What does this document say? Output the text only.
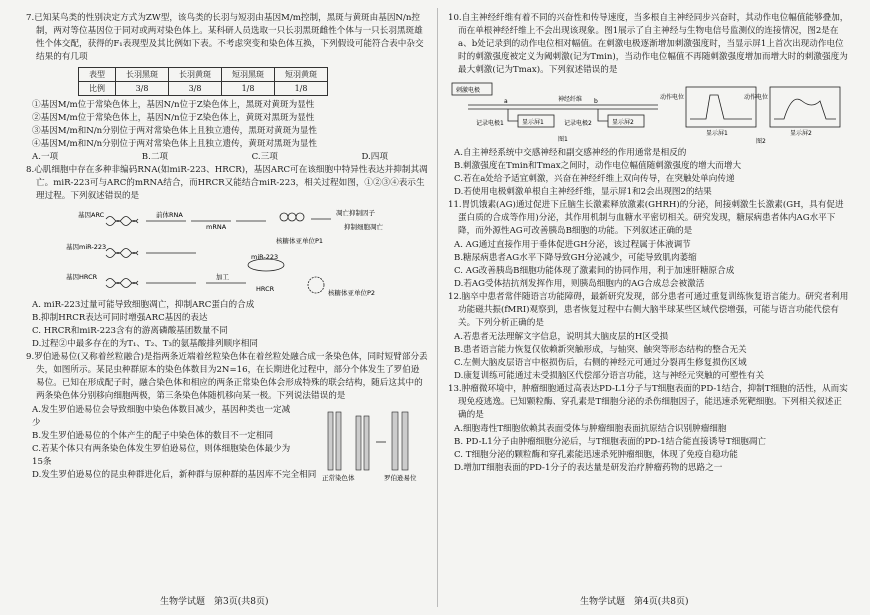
7.已知某鸟类的性别决定方式为ZW型，该鸟类的长羽与短羽由基因M/m控制，黑斑与黄斑由基因N/n控制，两对等位基因位于同对或两对染色体上。某科研人员选取一只长羽黑斑雌性个体与一只长羽黑斑雄性个体交配，获得的F₁表现型及其比例如下表。不考虑突变和染色体互换，下列假设可能符合表中杂交结果的有几项

表型	长羽黑斑	长羽黄斑	短羽黑斑	短羽黄斑
比例	3/8	3/8	1/8	1/8

①基因M/m位于常染色体上，基因N/n位于Z染色体上，黑斑对黄斑为显性

②基因M/m位于常染色体上，基因N/n位于Z染色体上，黄斑对黑斑为显性

③基因M/m和N/n分别位于两对常染色体上且独立遗传，黑斑对黄斑为显性

④基因M/m和N/n分别位于两对常染色体上且独立遗传，黄斑对黑斑为显性

A.一项	B.二项	C.三项	D.四项

8.心肌细胞中存在多种非编码RNA(如miR-223、HRCR)，基因ARC可在该细胞中特异性表达并抑制其凋亡。miR-223可与ARC的mRNA结合，而HRCR又能结合miR-223，相关过程如图，①②③④表示生理过程。下列叙述错误的是

基因ARC	前体RNA
mRNA
凋亡抑制因子
抑制细胞凋亡
核糖体亚单位P1
基因miR-223
miR-223
基因HRCR	加工
HRCR	核糖体亚单位P2

A. miR-223过量可能导致细胞凋亡，抑制ARC蛋白的合成

B.抑制HRCR表达可同时增强ARC基因的表达

C. HRCR和miR-223含有的游离磷酸基团数量不同

D.过程②中最多存在的为T₁、T₂、T₃的氨基酸排列顺序相同

9.罗伯逊易位(又称着丝粒融合)是指两条近端着丝粒染色体在着丝粒处融合成一条染色体，同时短臂部分丢失，如图所示。某昆虫种群原本的染色体数目为2N=16，在长期进化过程中，部分个体发生了罗伯逊易位。已知在形成配子时，融合染色体和相应的两条正常染色体会形成特殊的联会结构，随后这其中的两条染色体分别移向细胞两极，第三条染色体随机移向某一极。下列说法错误的是

A.发生罗伯逊易位会导致细胞中染色体数目减少，基因种类也一定减少

B.发生罗伯逊易位的个体产生的配子中染色体的数目不一定相同

C.若某个体只有两条染色体发生罗伯逊易位，则体细胞染色体最少为15条

正常染色体	罗伯逊易位

D.发生罗伯逊易位的昆虫种群进化后，新种群与原种群的基因库不完全相同

生物学试题　第3页(共8页)

10.自主神经纤维有着不同的兴奋性和传导速度，当多根自主神经同步兴奋时，其动作电位幅值能够叠加，而在单根神经纤维上不会出现该现象。图1展示了自主神经与生物电信号监测仪的连接情况，图2是在a、b处记录到的动作电位相对幅值。在刺激电极逐渐增加刺激强度时，当显示屏1上首次出现动作电位时的刺激强度被定义为阈刺激(记为Tmin)，当动作电位幅值不再随刺激强度增加而增大时的刺激强度为最大刺激(记为Tmax)。下列叙述错误的是

刺激电极
神经纤维
a	b
记录电极1	显示屏1	记录电极2	显示屏2
图1
动作电位	动作电位
显示屏1	显示屏2
图2

A.自主神经系统中交感神经和副交感神经的作用通常是相反的

B.刺激强度在Tmin和Tmax之间时，动作电位幅值随刺激强度的增大而增大

C.若在a处给予适宜刺激，兴奋在神经纤维上双向传导，在突触处单向传递

D.若使用电极刺激单根自主神经纤维，显示屏1和2会出现图2的结果

11.胃饥饿素(AG)通过促进下丘脑生长激素释放激素(GHRH)的分泌，间接刺激生长激素(GH，具有促进蛋白质的合成等作用)分泌，其作用机制与血糖水平密切相关。研究发现，糖尿病患者体内AG水平下降，而外源性AG可改善胰岛B细胞的功能。下列叙述正确的是

A. AG通过直接作用于垂体促进GH分泌，该过程属于体液调节

B.糖尿病患者AG水平下降导致GH分泌减少，可能导致肌肉萎缩

C. AG改善胰岛B细胞功能体现了激素间的协同作用，利于加速肝糖原合成

D.若AG受体拮抗剂发挥作用，则胰岛细胞内的AG合成总会被激活

12.脑卒中患者常伴随语言功能障碍，最新研究发现，部分患者可通过重复训练恢复语言能力。研究者利用功能磁共振(fMRI)观察到，患者恢复过程中右侧大脑半球某些区域代偿增强，可能与语言功能代偿有关。下列分析正确的是

A.若患者无法理解文字信息，说明其大脑皮层的H区受损

B.患者语言能力恢复仅依赖新突触形成，与轴突、触突等形态结构的整合无关

C.左侧大脑皮层语言中枢损伤后，右侧的神经元可通过分裂再生修复损伤区域

D.康复训练可能通过未受损脑区代偿部分语言功能，这与神经元突触的可塑性有关

13.肿瘤微环境中，肿瘤细胞通过高表达PD-L1分子与T细胞表面的PD-1结合，抑制T细胞的活性，从而实现免疫逃逸。已知颗粒酶、穿孔素是T细胞分泌的杀伤细胞因子，能迅速杀死靶细胞。下列相关叙述正确的是

A.细胞毒性T细胞依赖其表面受体与肿瘤细胞表面抗原结合识别肿瘤细胞

B. PD-L1分子由肿瘤细胞分泌后，与T细胞表面的PD-1结合能直接诱导T细胞凋亡

C. T细胞分泌的颗粒酶和穿孔素能迅速杀死肿瘤细胞，体现了免疫自稳功能

D.增加T细胞表面的PD-1分子的表达量是研发治疗肿瘤药物的思路之一

生物学试题　第4页(共8页)
